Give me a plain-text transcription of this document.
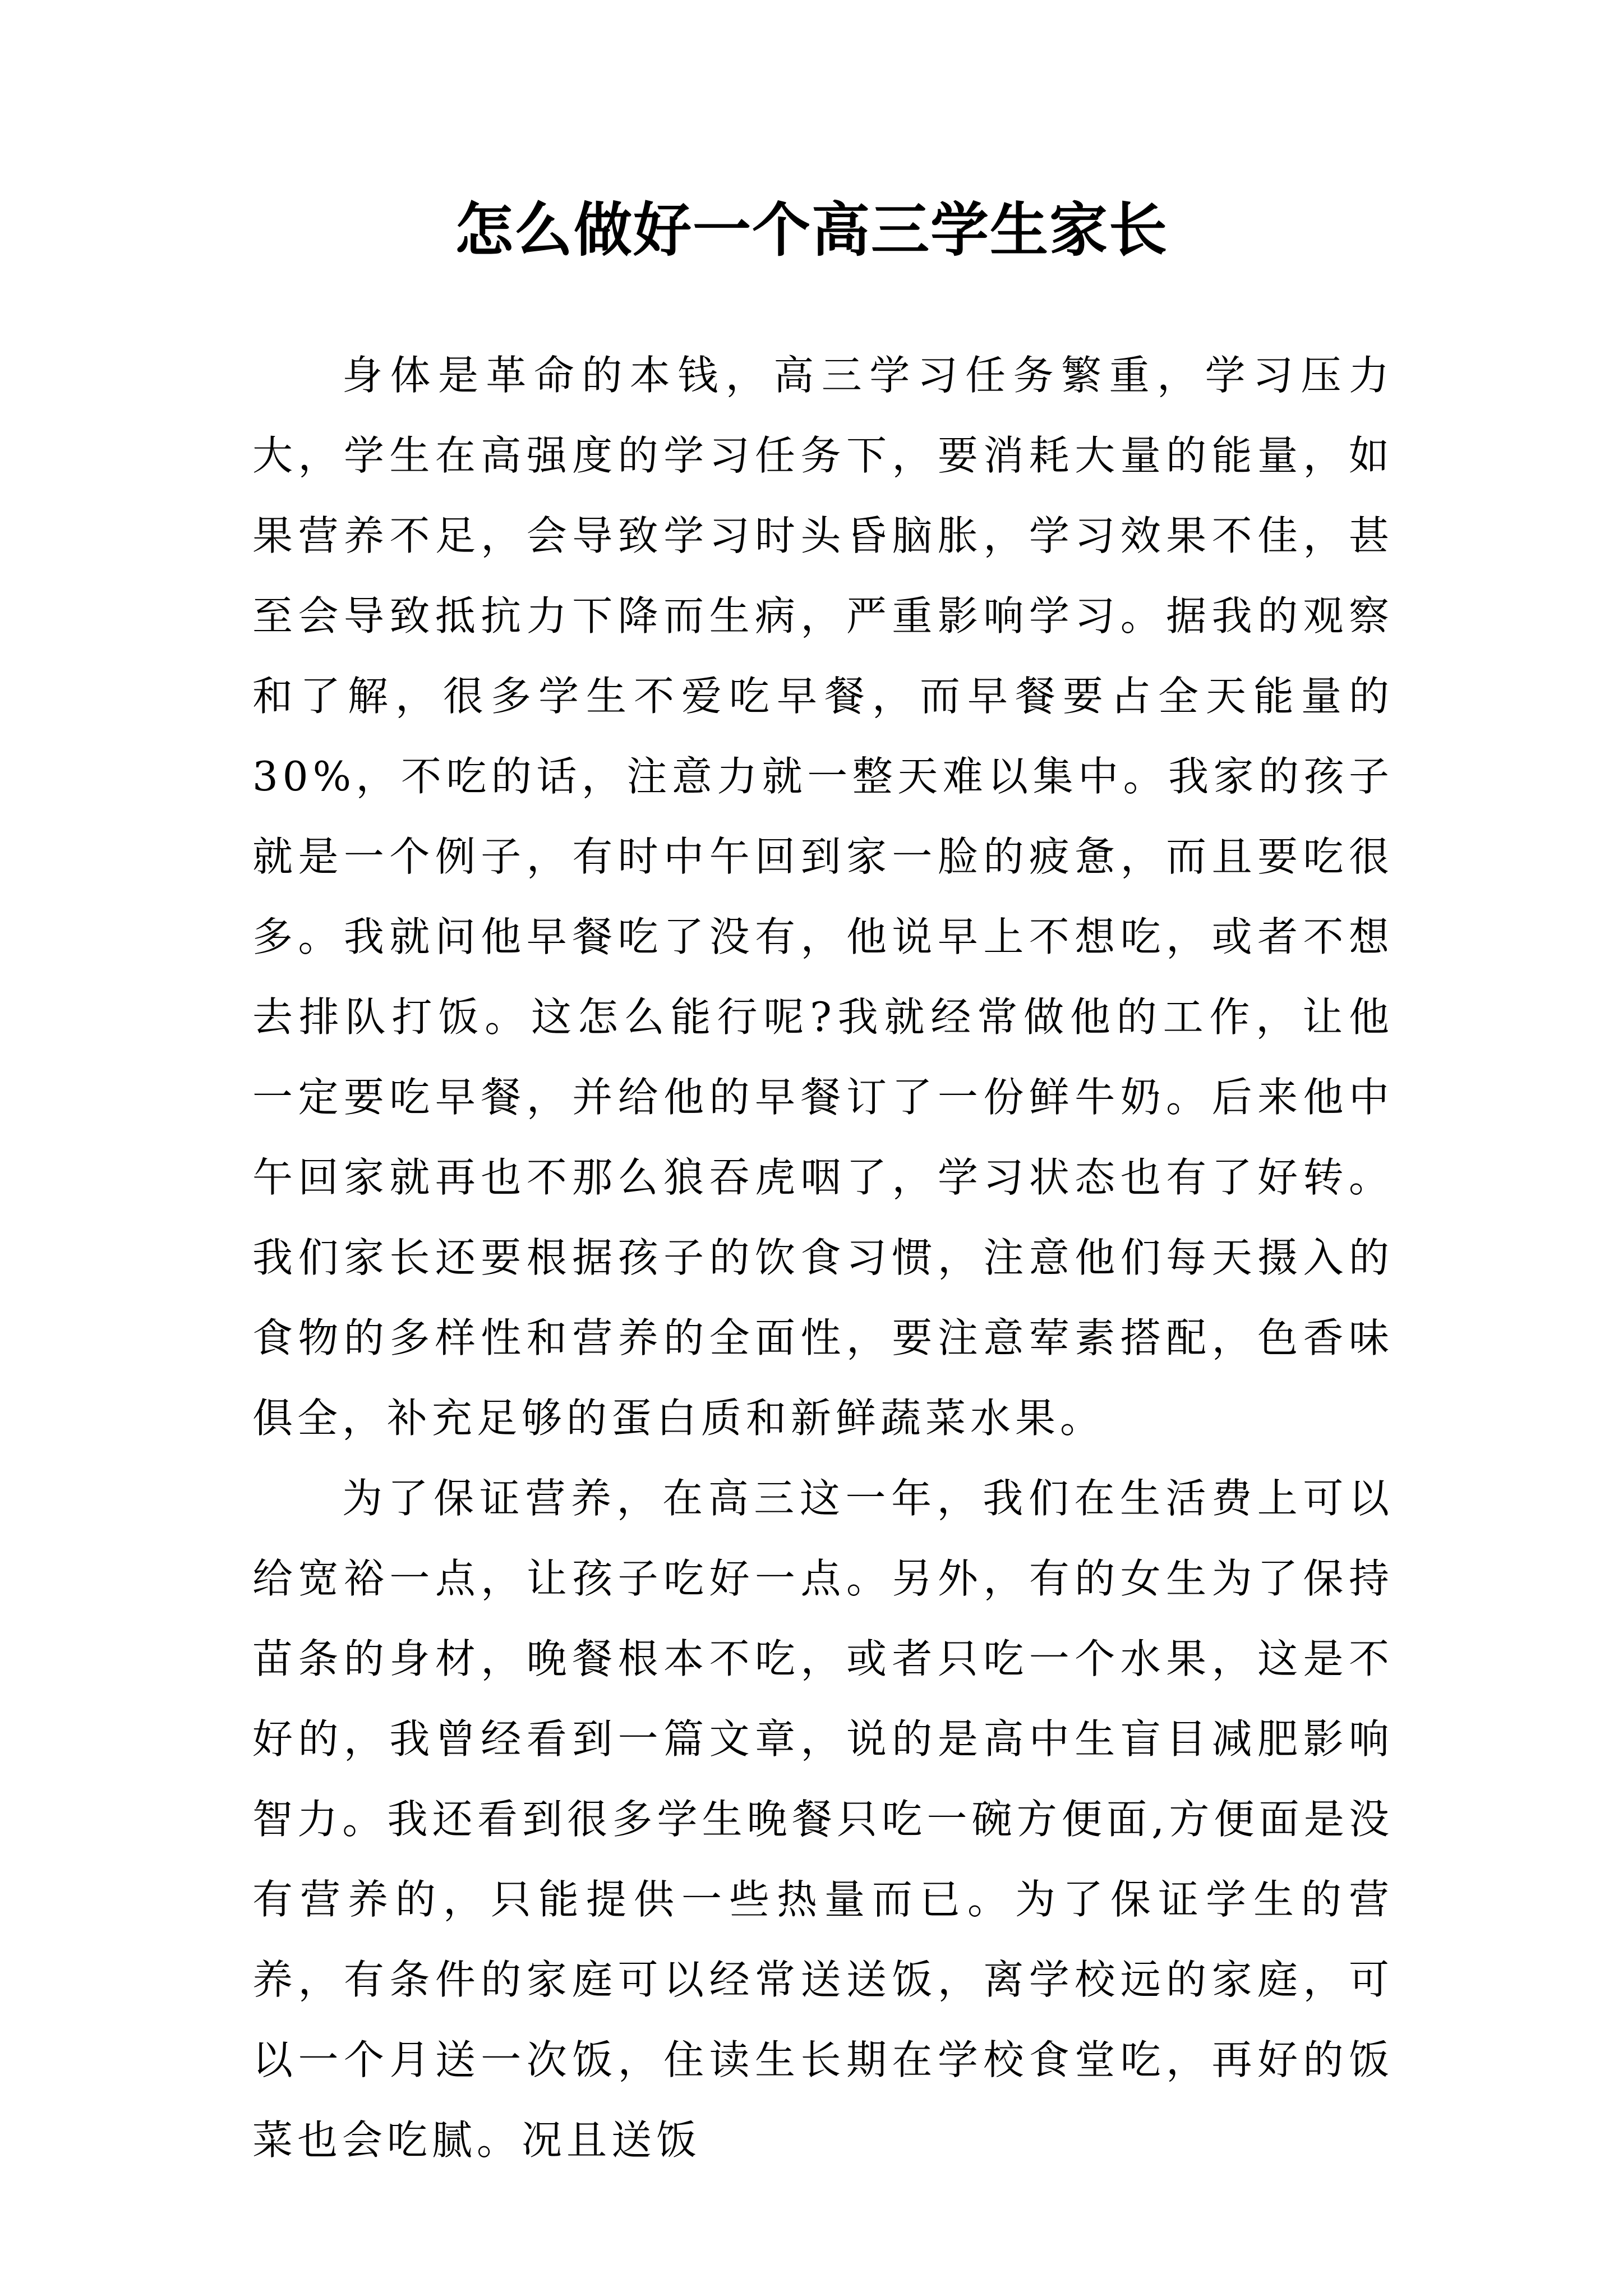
怎么做好一个高三学生家长

身体是革命的本钱，高三学习任务繁重，学习压力大，学生在高强度的学习任务下，要消耗大量的能量，如果营养不足，会导致学习时头昏脑胀，学习效果不佳，甚至会导致抵抗力下降而生病，严重影响学习。据我的观察和了解，很多学生不爱吃早餐，而早餐要占全天能量的30%，不吃的话，注意力就一整天难以集中。我家的孩子就是一个例子，有时中午回到家一脸的疲惫，而且要吃很多。我就问他早餐吃了没有，他说早上不想吃，或者不想去排队打饭。这怎么能行呢?我就经常做他的工作，让他一定要吃早餐，并给他的早餐订了一份鲜牛奶。后来他中午回家就再也不那么狼吞虎咽了，学习状态也有了好转。我们家长还要根据孩子的饮食习惯，注意他们每天摄入的食物的多样性和营养的全面性，要注意荤素搭配，色香味俱全，补充足够的蛋白质和新鲜蔬菜水果。

为了保证营养，在高三这一年，我们在生活费上可以给宽裕一点，让孩子吃好一点。另外，有的女生为了保持苗条的身材，晚餐根本不吃，或者只吃一个水果，这是不好的，我曾经看到一篇文章，说的是高中生盲目减肥影响智力。我还看到很多学生晚餐只吃一碗方便面,方便面是没有营养的，只能提供一些热量而已。为了保证学生的营养，有条件的家庭可以经常送送饭，离学校远的家庭，可以一个月送一次饭，住读生长期在学校食堂吃，再好的饭菜也会吃腻。况且送饭
